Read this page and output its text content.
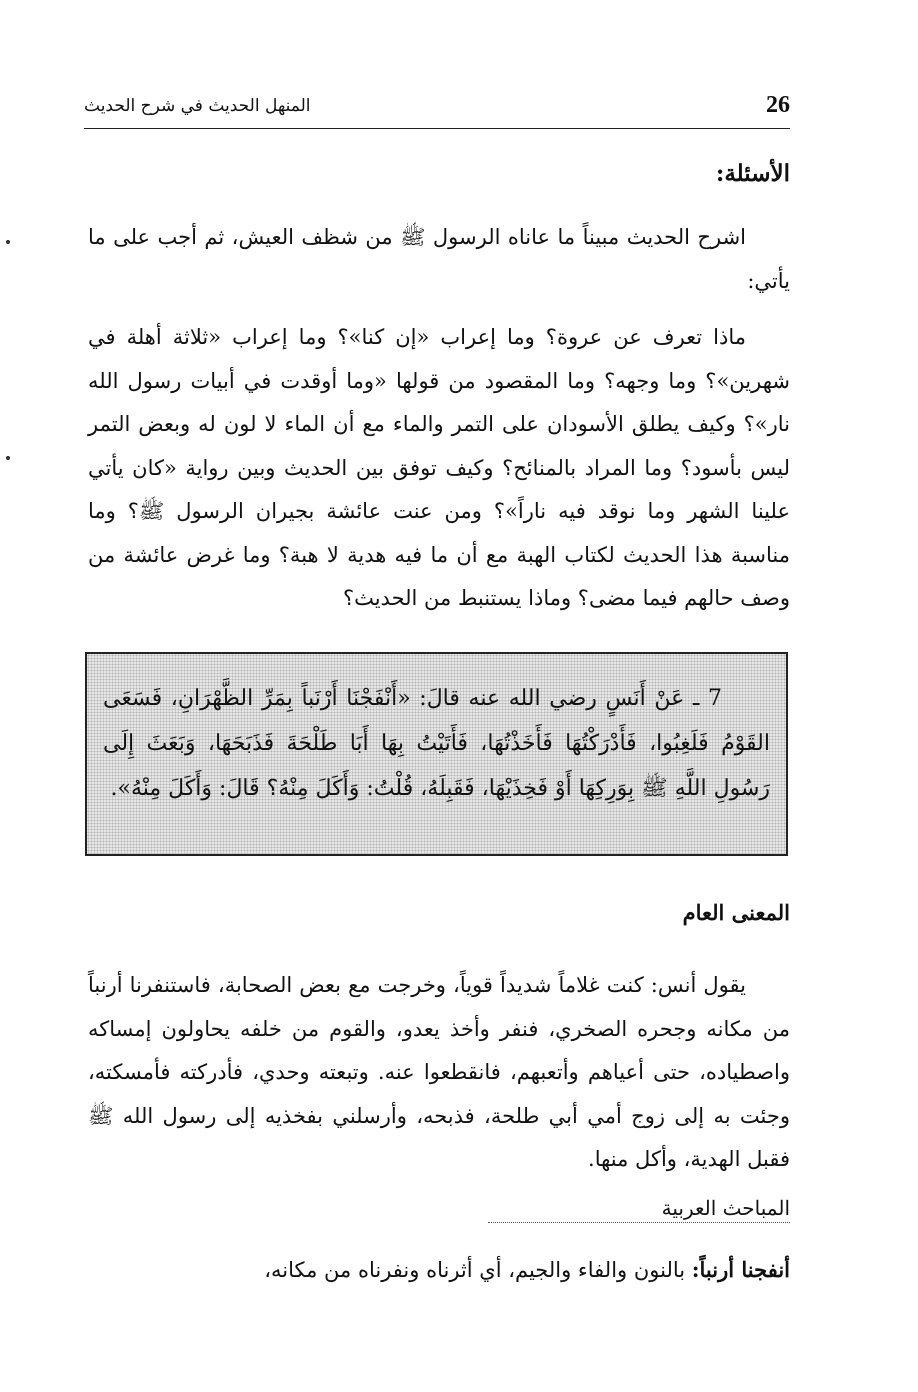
26
المنهل الحديث في شرح الحديث
الأسئلة:

اشرح الحديث مبيناً ما عاناه الرسول ﷺ من شظف العيش، ثم أجب على ما يأتي:

ماذا تعرف عن عروة؟ وما إعراب «إن كنا»؟ وما إعراب «ثلاثة أهلة في شهرين»؟ وما وجهه؟ وما المقصود من قولها «وما أوقدت في أبيات رسول الله نار»؟ وكيف يطلق الأسودان على التمر والماء مع أن الماء لا لون له وبعض التمر ليس بأسود؟ وما المراد بالمنائح؟ وكيف توفق بين الحديث وبين رواية «كان يأتي علينا الشهر وما نوقد فيه ناراً»؟ ومن عنت عائشة بجيران الرسول ﷺ؟ وما مناسبة هذا الحديث لكتاب الهبة مع أن ما فيه هدية لا هبة؟ وما غرض عائشة من وصف حالهم فيما مضى؟ وماذا يستنبط من الحديث؟

7 ـ عَنْ أَنَسٍ رضي الله عنه قالَ: «أَنْفَجْنَا أَرْنَباً بِمَرِّ الظَّهْرَانِ، فَسَعَى القَوْمُ فَلَغِبُوا، فَأَدْرَكْتُهَا فَأَخَذْتُهَا، فَأَتَيْتُ بِهَا أَبَا طَلْحَةَ فَذَبَحَهَا، وَبَعَثَ إِلَى رَسُولِ اللَّهِ ﷺ بِوَرِكِهَا أَوْ فَخِذَيْهَا، فَقَبِلَهُ، قُلْتُ: وَأَكَلَ مِنْهُ؟ قَالَ: وَأَكَلَ مِنْهُ».

المعنى العام

يقول أنس: كنت غلاماً شديداً قوياً، وخرجت مع بعض الصحابة، فاستنفرنا أرنباً من مكانه وجحره الصخري، فنفر وأخذ يعدو، والقوم من خلفه يحاولون إمساكه واصطياده، حتى أعياهم وأتعبهم، فانقطعوا عنه. وتبعته وحدي، فأدركته فأمسكته، وجئت به إلى زوج أمي أبي طلحة، فذبحه، وأرسلني بفخذيه إلى رسول الله ﷺ فقبل الهدية، وأكل منها.

المباحث العربية

أنفجنا أرنباً: بالنون والفاء والجيم، أي أثرناه ونفرناه من مكانه،
